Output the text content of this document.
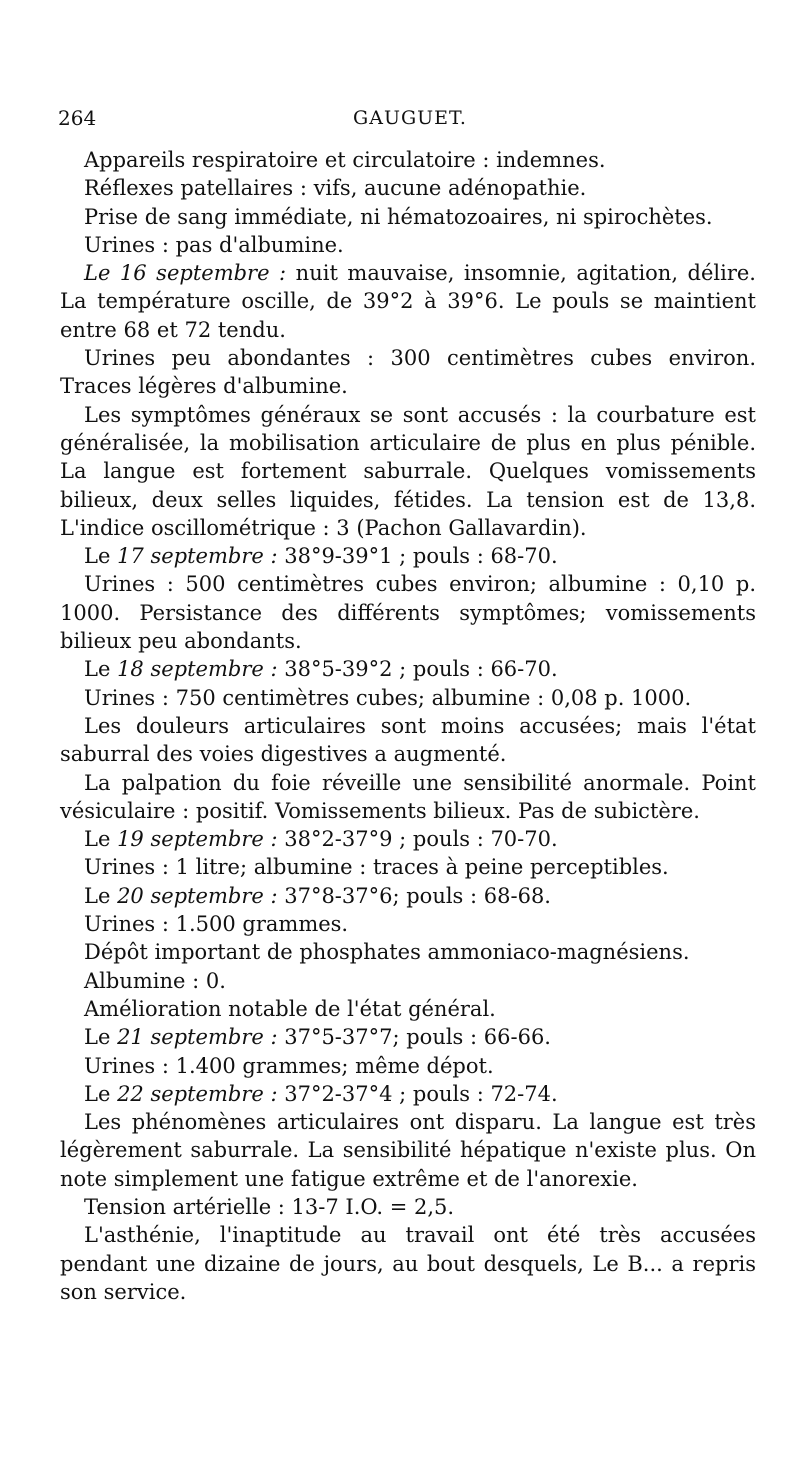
264	GAUGUET.

Appareils respiratoire et circulatoire : indemnes.

Réflexes patellaires : vifs, aucune adénopathie.

Prise de sang immédiate, ni hématozoaires, ni spirochètes.

Urines : pas d'albumine.

Le 16 septembre : nuit mauvaise, insomnie, agitation, délire. La température oscille, de 39°2 à 39°6. Le pouls se maintient entre 68 et 72 tendu.

Urines peu abondantes : 300 centimètres cubes environ. Traces légères d'albumine.

Les symptômes généraux se sont accusés : la courbature est généralisée, la mobilisation articulaire de plus en plus pénible. La langue est fortement saburrale. Quelques vomissements bilieux, deux selles liquides, fétides. La tension est de 13,8. L'indice oscillométrique : 3 (Pachon Gallavardin).

Le 17 septembre : 38°9-39°1 ; pouls : 68-70.

Urines : 500 centimètres cubes environ; albumine : 0,10 p. 1000. Persistance des différents symptômes; vomissements bilieux peu abondants.

Le 18 septembre : 38°5-39°2 ; pouls : 66-70.

Urines : 750 centimètres cubes; albumine : 0,08 p. 1000.

Les douleurs articulaires sont moins accusées; mais l'état saburral des voies digestives a augmenté.

La palpation du foie réveille une sensibilité anormale. Point vésiculaire : positif. Vomissements bilieux. Pas de subictère.

Le 19 septembre : 38°2-37°9 ; pouls : 70-70.

Urines : 1 litre; albumine : traces à peine perceptibles.

Le 20 septembre : 37°8-37°6; pouls : 68-68.

Urines : 1.500 grammes.

Dépôt important de phosphates ammoniaco-magnésiens.

Albumine : 0.

Amélioration notable de l'état général.

Le 21 septembre : 37°5-37°7; pouls : 66-66.

Urines : 1.400 grammes; même dépot.

Le 22 septembre : 37°2-37°4 ; pouls : 72-74.

Les phénomènes articulaires ont disparu. La langue est très légèrement saburrale. La sensibilité hépatique n'existe plus. On note simplement une fatigue extrême et de l'anorexie.

Tension artérielle : 13-7 I.O. = 2,5.

L'asthénie, l'inaptitude au travail ont été très accusées pendant une dizaine de jours, au bout desquels, Le B... a repris son service.
